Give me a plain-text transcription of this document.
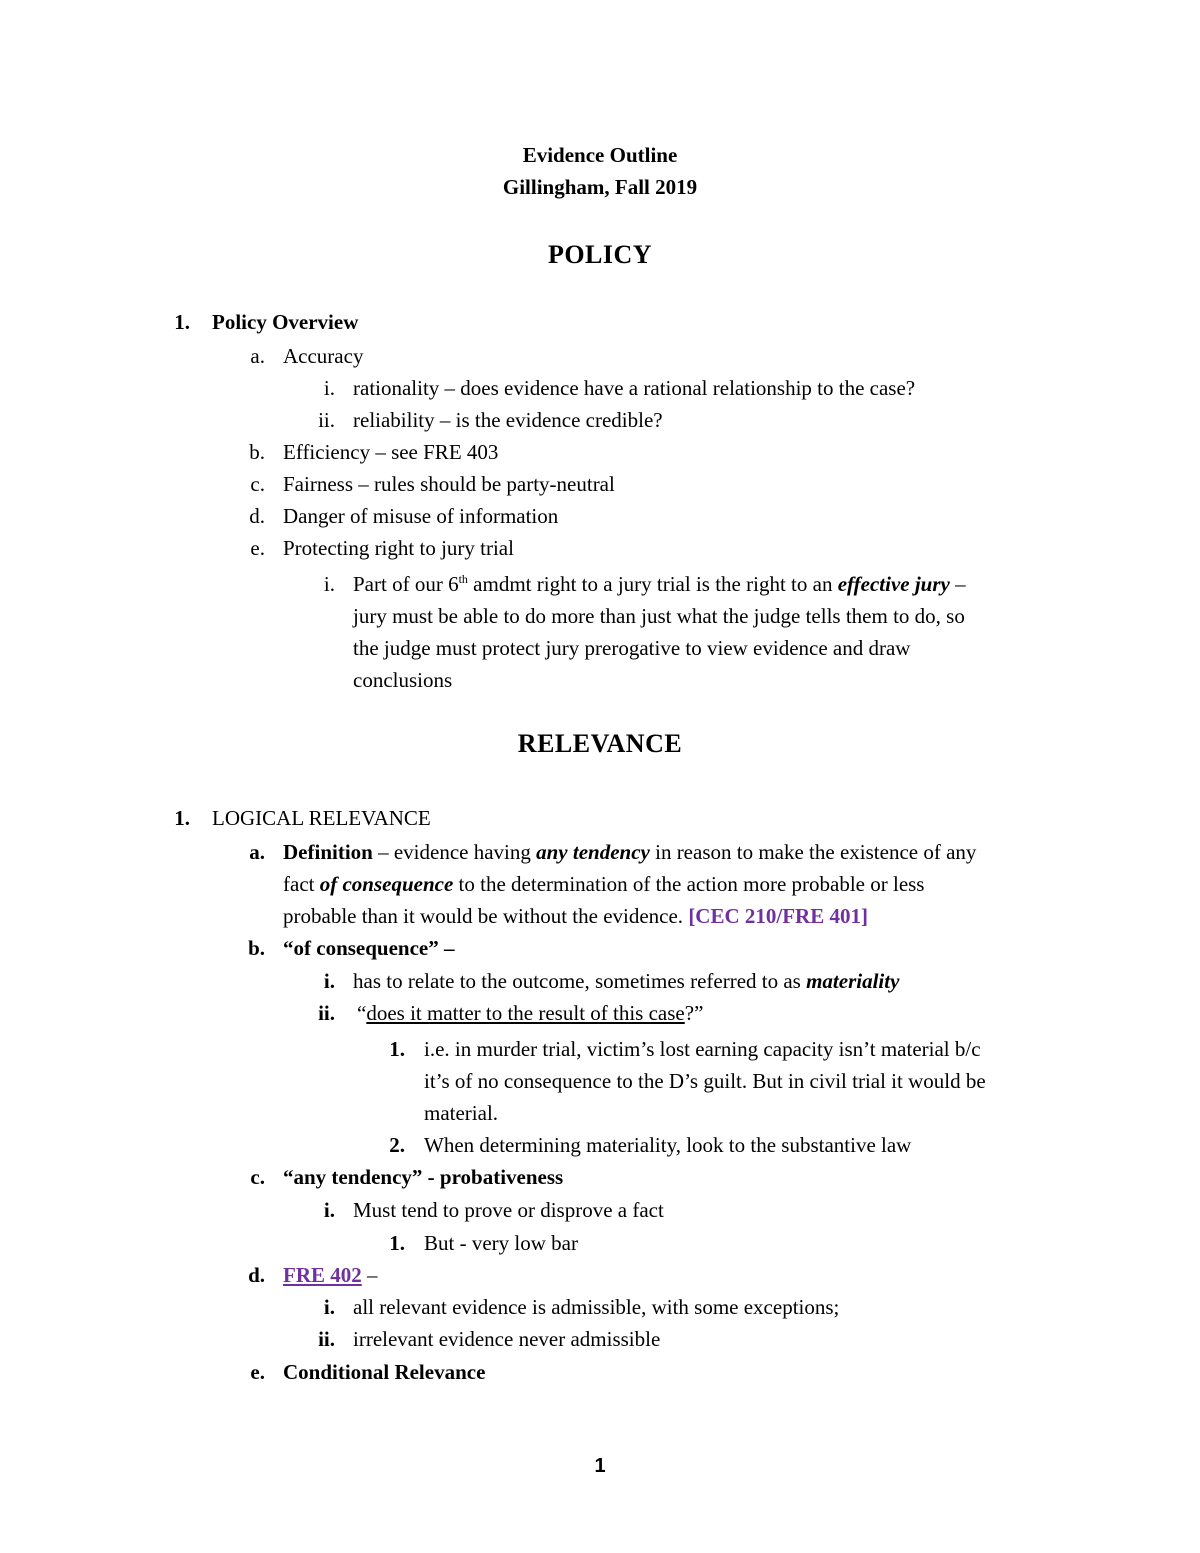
Evidence Outline
Gillingham, Fall 2019
POLICY
1. Policy Overview
a. Accuracy
i. rationality – does evidence have a rational relationship to the case?
ii. reliability – is the evidence credible?
b. Efficiency – see FRE 403
c. Fairness – rules should be party-neutral
d. Danger of misuse of information
e. Protecting right to jury trial
i. Part of our 6th amdmt right to a jury trial is the right to an effective jury –
jury must be able to do more than just what the judge tells them to do, so
the judge must protect jury prerogative to view evidence and draw
conclusions
RELEVANCE
1. LOGICAL RELEVANCE
a. Definition – evidence having any tendency in reason to make the existence of any
fact of consequence to the determination of the action more probable or less
probable than it would be without the evidence. [CEC 210/FRE 401]
b. “of consequence” –
i. has to relate to the outcome, sometimes referred to as materiality
ii. “does it matter to the result of this case?”
1. i.e. in murder trial, victim’s lost earning capacity isn’t material b/c
it’s of no consequence to the D’s guilt. But in civil trial it would be
material.
2. When determining materiality, look to the substantive law
c. “any tendency” - probativeness
i. Must tend to prove or disprove a fact
1. But - very low bar
d. FRE 402 –
i. all relevant evidence is admissible, with some exceptions;
ii. irrelevant evidence never admissible
e. Conditional Relevance
1
